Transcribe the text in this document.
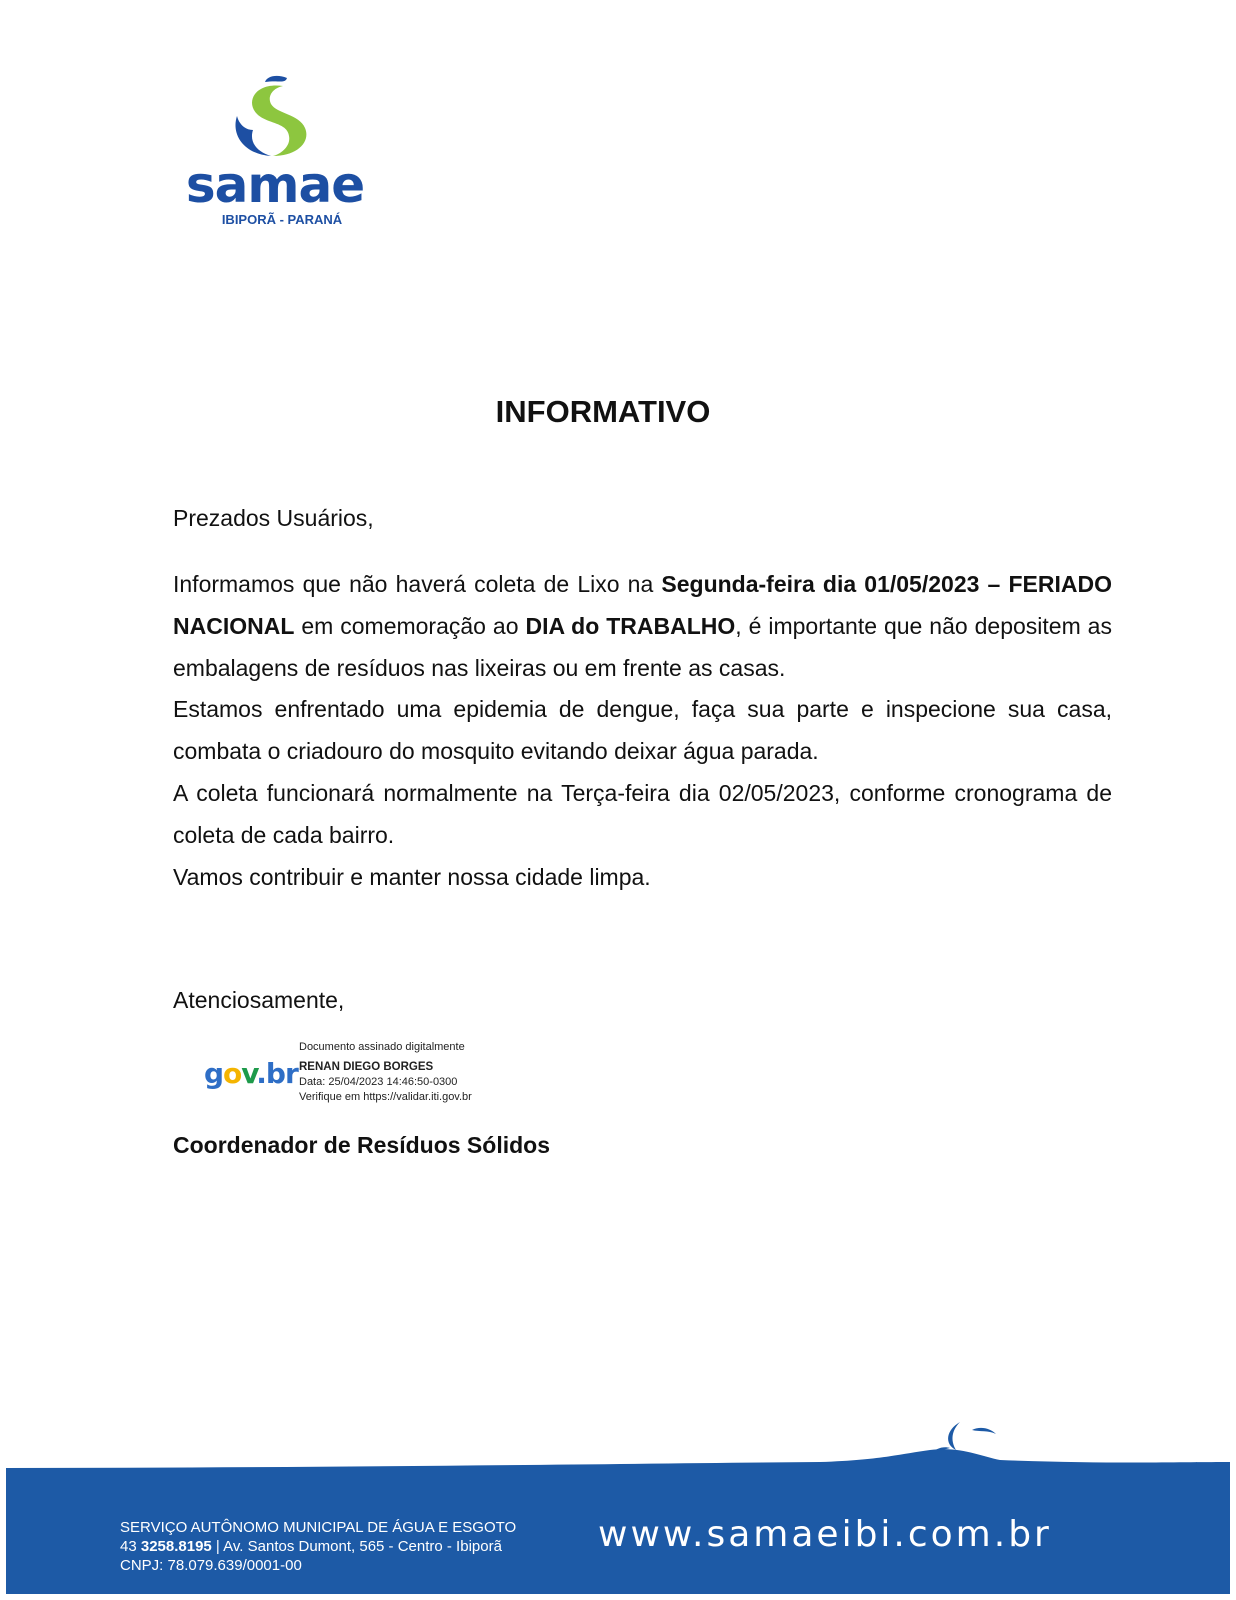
samae
IBIPORÃ - PARANÁ
INFORMATIVO

Prezados Usuários,

Informamos que não haverá coleta de Lixo na Segunda-feira dia 01/05/2023 – FERIADO NACIONAL em comemoração ao DIA do TRABALHO, é importante que não depositem as embalagens de resíduos nas lixeiras ou em frente as casas.

Estamos enfrentado uma epidemia de dengue, faça sua parte e inspecione sua casa, combata o criadouro do mosquito evitando deixar água parada.

A coleta funcionará normalmente na Terça-feira dia 02/05/2023, conforme cronograma de coleta de cada bairro.

Vamos contribuir e manter nossa cidade limpa.

Atenciosamente,

gov.br
Documento assinado digitalmente
RENAN DIEGO BORGES
Data: 25/04/2023 14:46:50-0300
Verifique em https://validar.iti.gov.br

Coordenador de Resíduos Sólidos

SERVIÇO AUTÔNOMO MUNICIPAL DE ÁGUA E ESGOTO
43 3258.8195 | Av. Santos Dumont, 565 - Centro - Ibiporã
CNPJ: 78.079.639/0001-00
www.samaeibi.com.br
